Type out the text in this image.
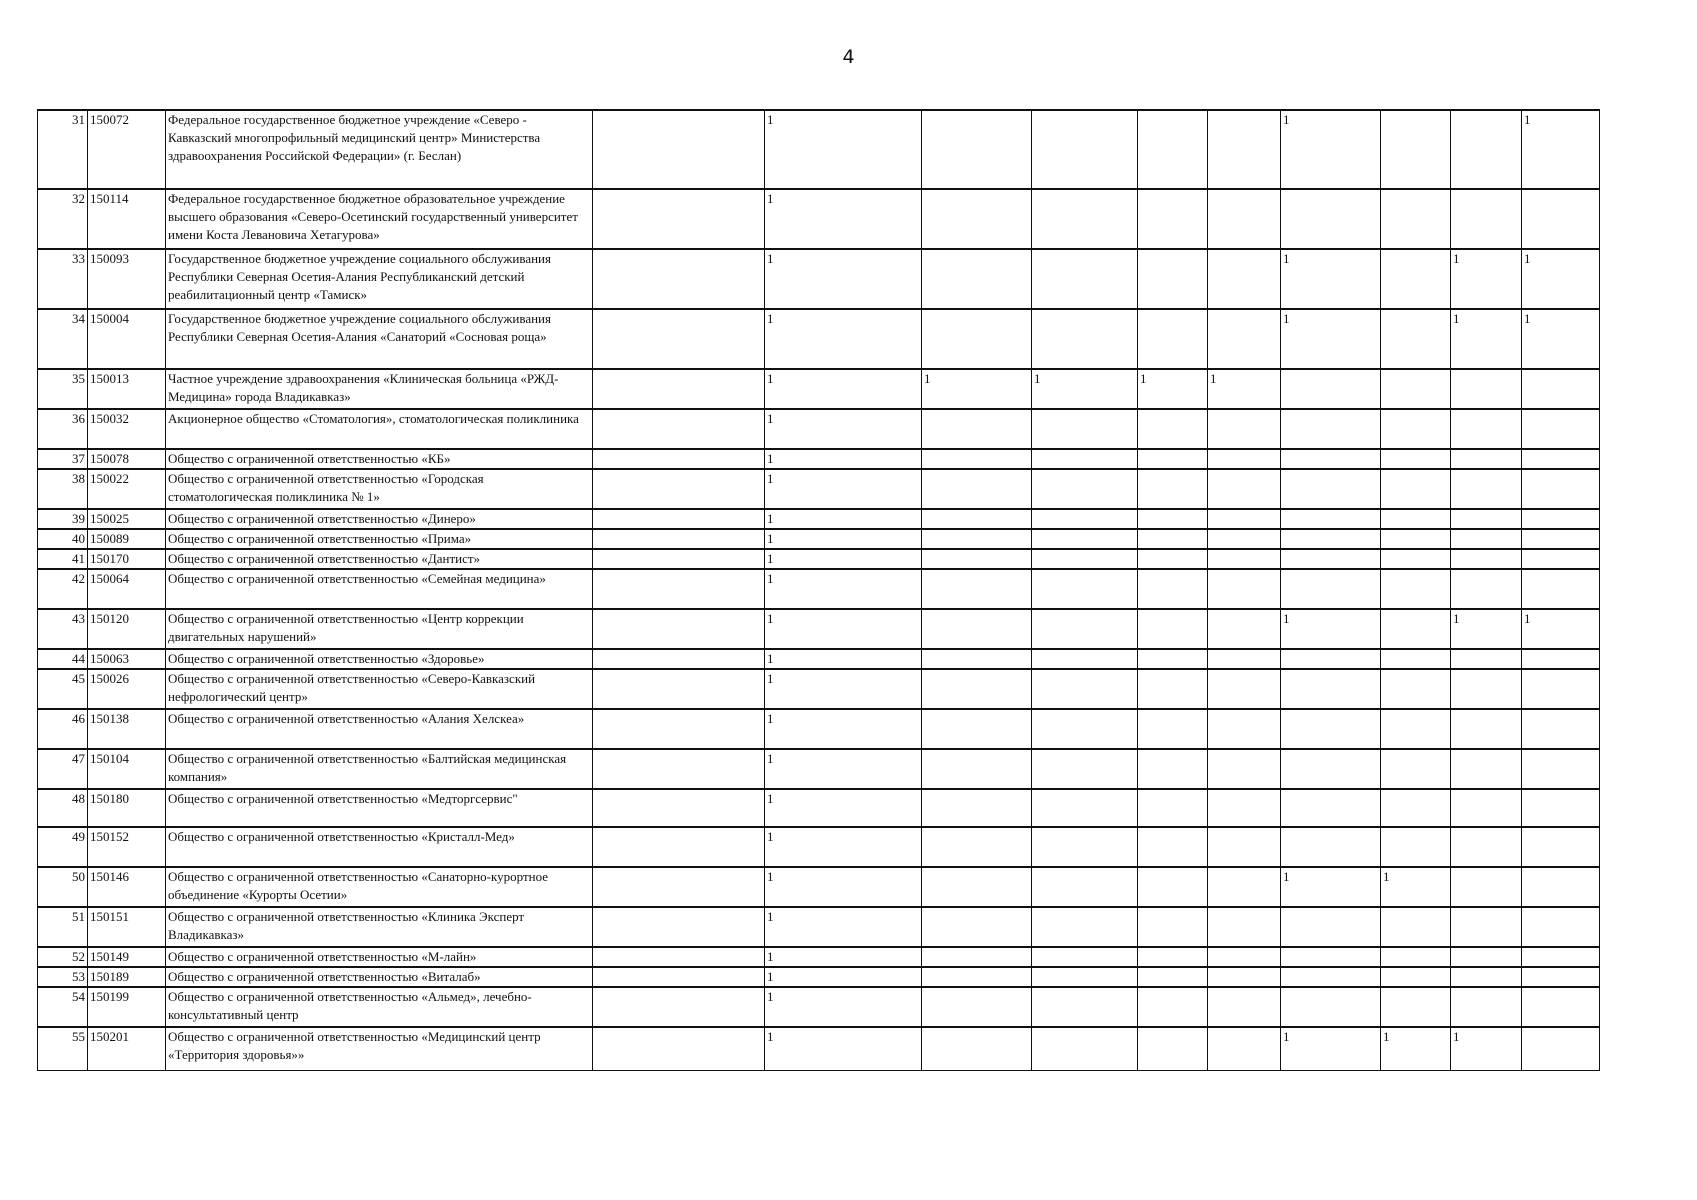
4
31	150072	Федеральное государственное бюджетное учреждение «Северо - Кавказский многопрофильный медицинский центр» Министерства здравоохранения Российской Федерации» (г. Беслан)		1					1			1
32	150114	Федеральное государственное бюджетное образовательное учреждение высшего образования «Северо-Осетинский государственный университет имени Коста Левановича Хетагурова»		1								
33	150093	Государственное бюджетное учреждение социального обслуживания Республики Северная Осетия-Алания Республиканский детский реабилитационный центр «Тамиск»		1					1		1	1
34	150004	Государственное бюджетное учреждение социального обслуживания Республики Северная Осетия-Алания «Санаторий «Сосновая роща»		1					1		1	1
35	150013	Частное учреждение здравоохранения «Клиническая больница «РЖД-Медицина» города Владикавказ»		1	1	1	1	1				
36	150032	Акционерное общество «Стоматология», стоматологическая поликлиника		1								
37	150078	Общество с ограниченной ответственностью «КБ»		1								
38	150022	Общество с ограниченной ответственностью «Городская стоматологическая поликлиника № 1»		1								
39	150025	Общество с ограниченной ответственностью «Динеро»		1								
40	150089	Общество с ограниченной ответственностью «Прима»		1								
41	150170	Общество с ограниченной ответственностью «Дантист»		1								
42	150064	Общество с ограниченной ответственностью «Семейная медицина»		1								
43	150120	Общество с ограниченной ответственностью «Центр коррекции двигательных нарушений»		1					1		1	1
44	150063	Общество с ограниченной ответственностью «Здоровье»		1								
45	150026	Общество с ограниченной ответственностью «Северо-Кавказский нефрологический центр»		1								
46	150138	Общество с ограниченной ответственностью «Алания Хелскеа»		1								
47	150104	Общество с ограниченной ответственностью «Балтийская медицинская компания»		1								
48	150180	Общество с ограниченной ответственностью «Медторгсервис"		1								
49	150152	Общество с ограниченной ответственностью «Кристалл-Мед»		1								
50	150146	Общество с ограниченной ответственностью «Санаторно-курортное объединение «Курорты Осетии»		1					1	1		
51	150151	Общество с ограниченной ответственностью «Клиника Эксперт Владикавказ»		1								
52	150149	Общество с ограниченной ответственностью «М-лайн»		1								
53	150189	Общество с ограниченной ответственностью «Виталаб»		1								
54	150199	Общество с ограниченной ответственностью «Альмед», лечебно-консультативный центр		1								
55	150201	Общество с ограниченной ответственностью «Медицинский центр «Территория здоровья»»		1					1	1	1	
